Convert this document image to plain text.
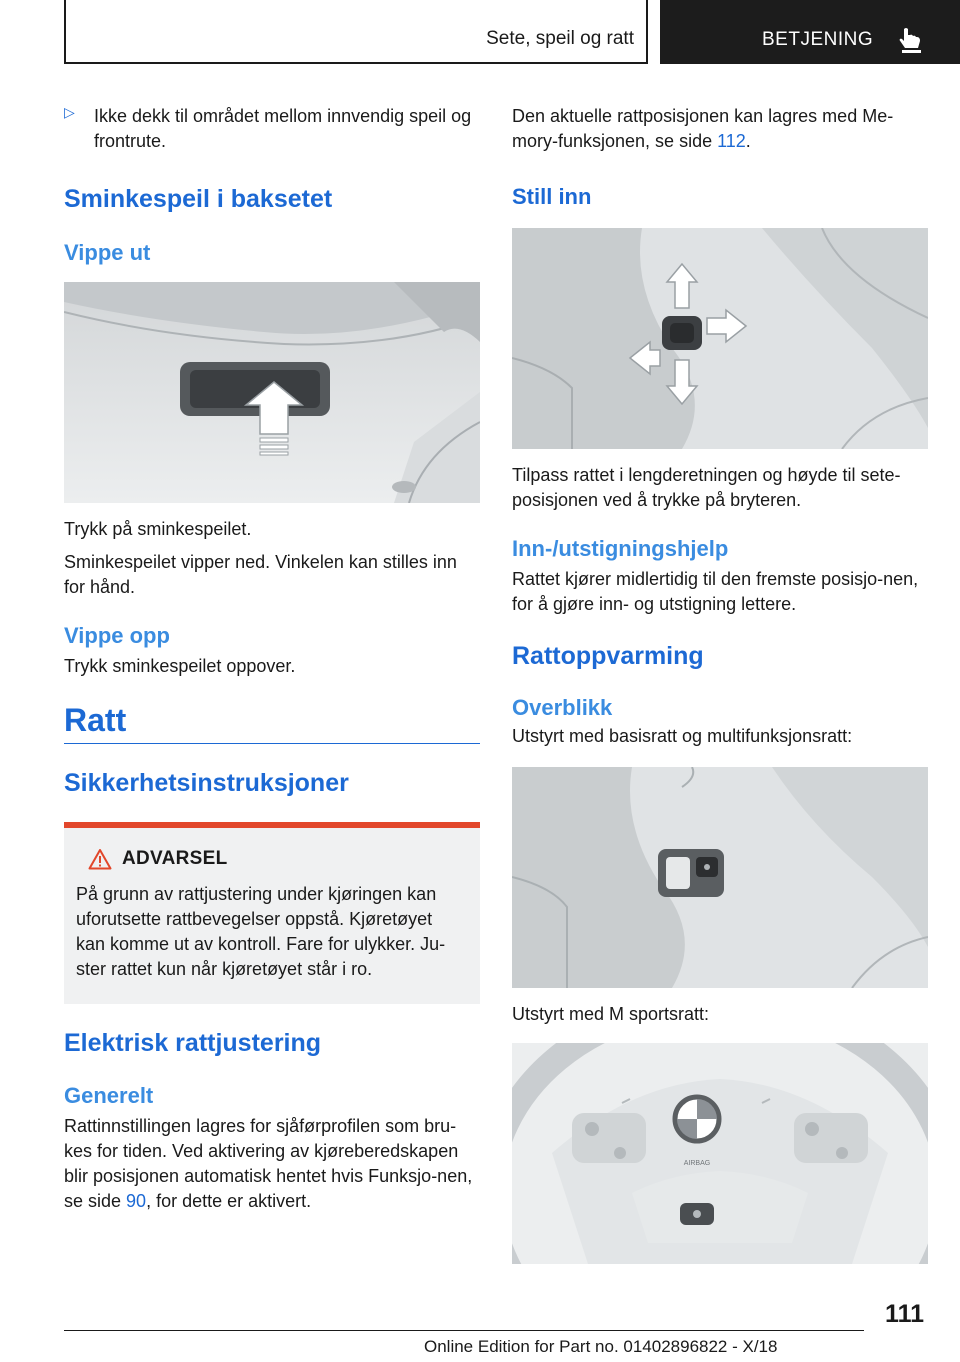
Sete, speil og ratt	BETJENING
▷ Ikke dekk til området mellom innvendig speil og frontrute.

Sminkespeil i baksetet
Vippe ut

Trykk på sminkespeilet.

Sminkespeilet vipper ned. Vinkelen kan stilles inn for hånd.

Vippe opp

Trykk sminkespeilet oppover.

Ratt
Sikkerhetsinstruksjoner
ADVARSEL

På grunn av rattjustering under kjøringen kan uforutsette rattbevegelser oppstå. Kjøretøyet kan komme ut av kontroll. Fare for ulykker. Ju-ster rattet kun når kjøretøyet står i ro.

Elektrisk rattjustering
Generelt

Rattinnstillingen lagres for sjåførprofilen som bru-kes for tiden. Ved aktivering av kjøreberedskapen blir posisjonen automatisk hentet hvis Funksjo-nen, se side 90, for dette er aktivert.

Den aktuelle rattposisjonen kan lagres med Me-mory-funksjonen, se side 112.

Still inn

Tilpass rattet i lengderetningen og høyde til sete-posisjonen ved å trykke på bryteren.

Inn-/utstigningshjelp

Rattet kjører midlertidig til den fremste posisjo-nen, for å gjøre inn- og utstigning lettere.

Rattoppvarming
Overblikk

Utstyrt med basisratt og multifunksjonsratt:

Utstyrt med M sportsratt:

AIRBAG
111
Online Edition for Part no. 01402896822 - X/18
